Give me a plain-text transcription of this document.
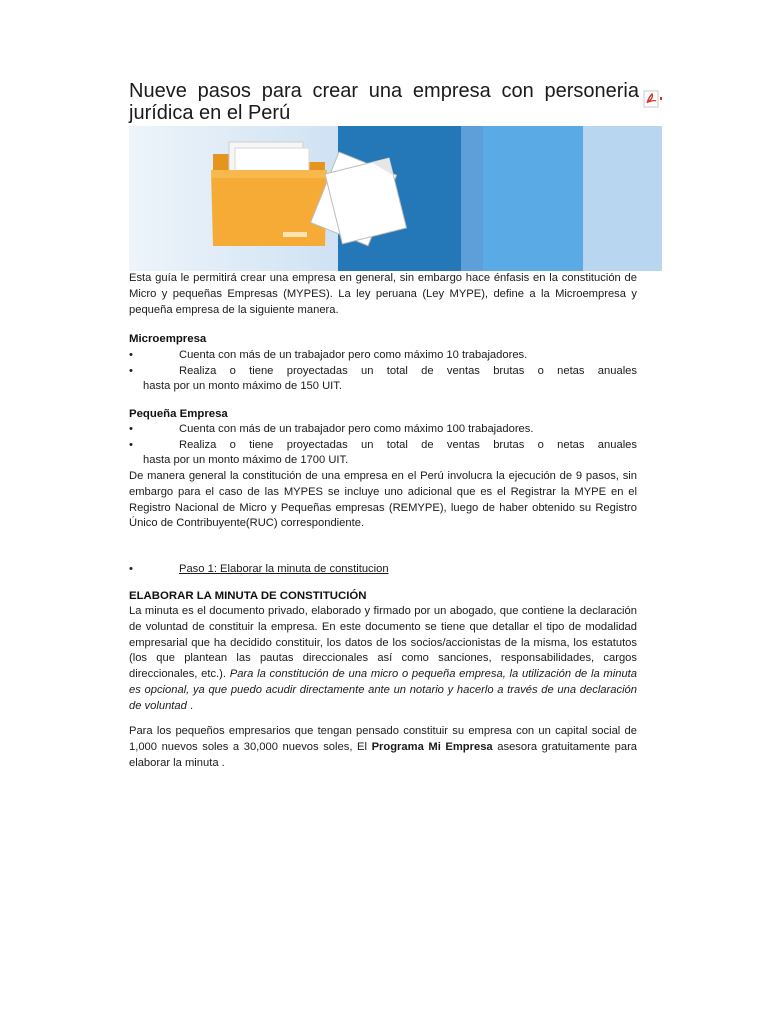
Nueve pasos para crear una empresa con personeria jurídica en el Perú

Esta guía le permitirá crear una empresa en general, sin embargo hace énfasis en la constitución de Micro y pequeñas Empresas (MYPES). La ley peruana (Ley MYPE), define a la Microempresa y pequeña empresa de la siguiente manera.

Microempresa

•	Cuenta con más de un trabajador pero como máximo 10 trabajadores.
•	Realiza o tiene proyectadas un total de ventas brutas o netas anuales
hasta por un monto máximo de 150 UIT.

Pequeña Empresa

•	Cuenta con más de un trabajador pero como máximo 100 trabajadores.
•	Realiza o tiene proyectadas un total de ventas brutas o netas anuales
hasta por un monto máximo de 1700 UIT.

De manera general la constitución de una empresa en el Perú involucra la ejecución de 9 pasos, sin embargo para el caso de las MYPES se incluye uno adicional que es el Registrar la MYPE en el Registro Nacional de Micro y Pequeñas empresas (REMYPE), luego de haber obtenido su Registro Único de Contribuyente(RUC) correspondiente.

•	Paso 1: Elaborar la minuta de constitucion

ELABORAR LA MINUTA DE CONSTITUCIÓN

La minuta es el documento privado, elaborado y firmado por un abogado, que contiene la declaración de voluntad de constituir la empresa. En este documento se tiene que detallar el tipo de modalidad empresarial que ha decidido constituir, los datos de los socios/accionistas de la misma, los estatutos (los que plantean las pautas direccionales así como sanciones, responsabilidades, cargos direccionales, etc.). Para la constitución de una micro o pequeña empresa, la utilización de la minuta es opcional, ya que puedo acudir directamente ante un notario y hacerlo a través de una declaración de voluntad .

Para los pequeños empresarios que tengan pensado constituir su empresa con un capital social de 1,000 nuevos soles a 30,000 nuevos soles, El Programa Mi Empresa asesora gratuitamente para elaborar la minuta .
